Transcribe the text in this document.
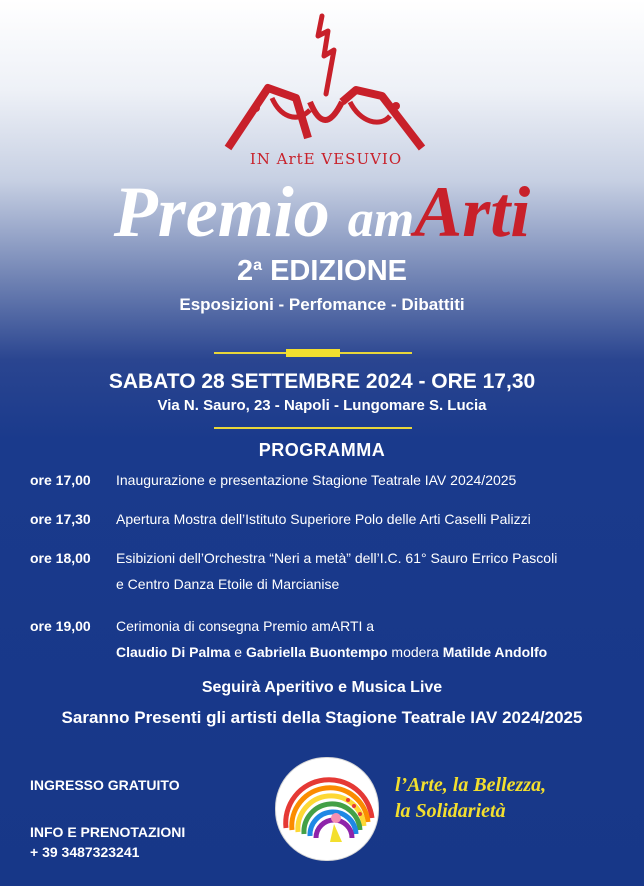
IN ArtE VESUVIO
Premio amArti
2$^a$ EDIZIONE
Esposizioni - Perfomance - Dibattiti
SABATO 28 SETTEMBRE 2024 - ORE 17,30
Via N. Sauro, 23 - Napoli - Lungomare S. Lucia
PROGRAMMA
ore 17,00	Inaugurazione e presentazione Stagione Teatrale IAV 2024/2025
ore 17,30	Apertura Mostra dell’Istituto Superiore Polo delle Arti Caselli Palizzi
ore 18,00	Esibizioni dell’Orchestra “Neri a metà” dell’I.C. 61° Sauro Errico Pascoli
e Centro Danza Etoile di Marcianise
ore 19,00	Cerimonia di consegna Premio amARTI a
Claudio Di Palma e Gabriella Buontempo modera Matilde Andolfo
Seguirà Aperitivo e Musica Live
Saranno Presenti gli artisti della Stagione Teatrale IAV 2024/2025
INGRESSO GRATUITO
INFO E PRENOTAZIONI
+ 39 3487323241
l’Arte, la Bellezza,
la Solidarietà
